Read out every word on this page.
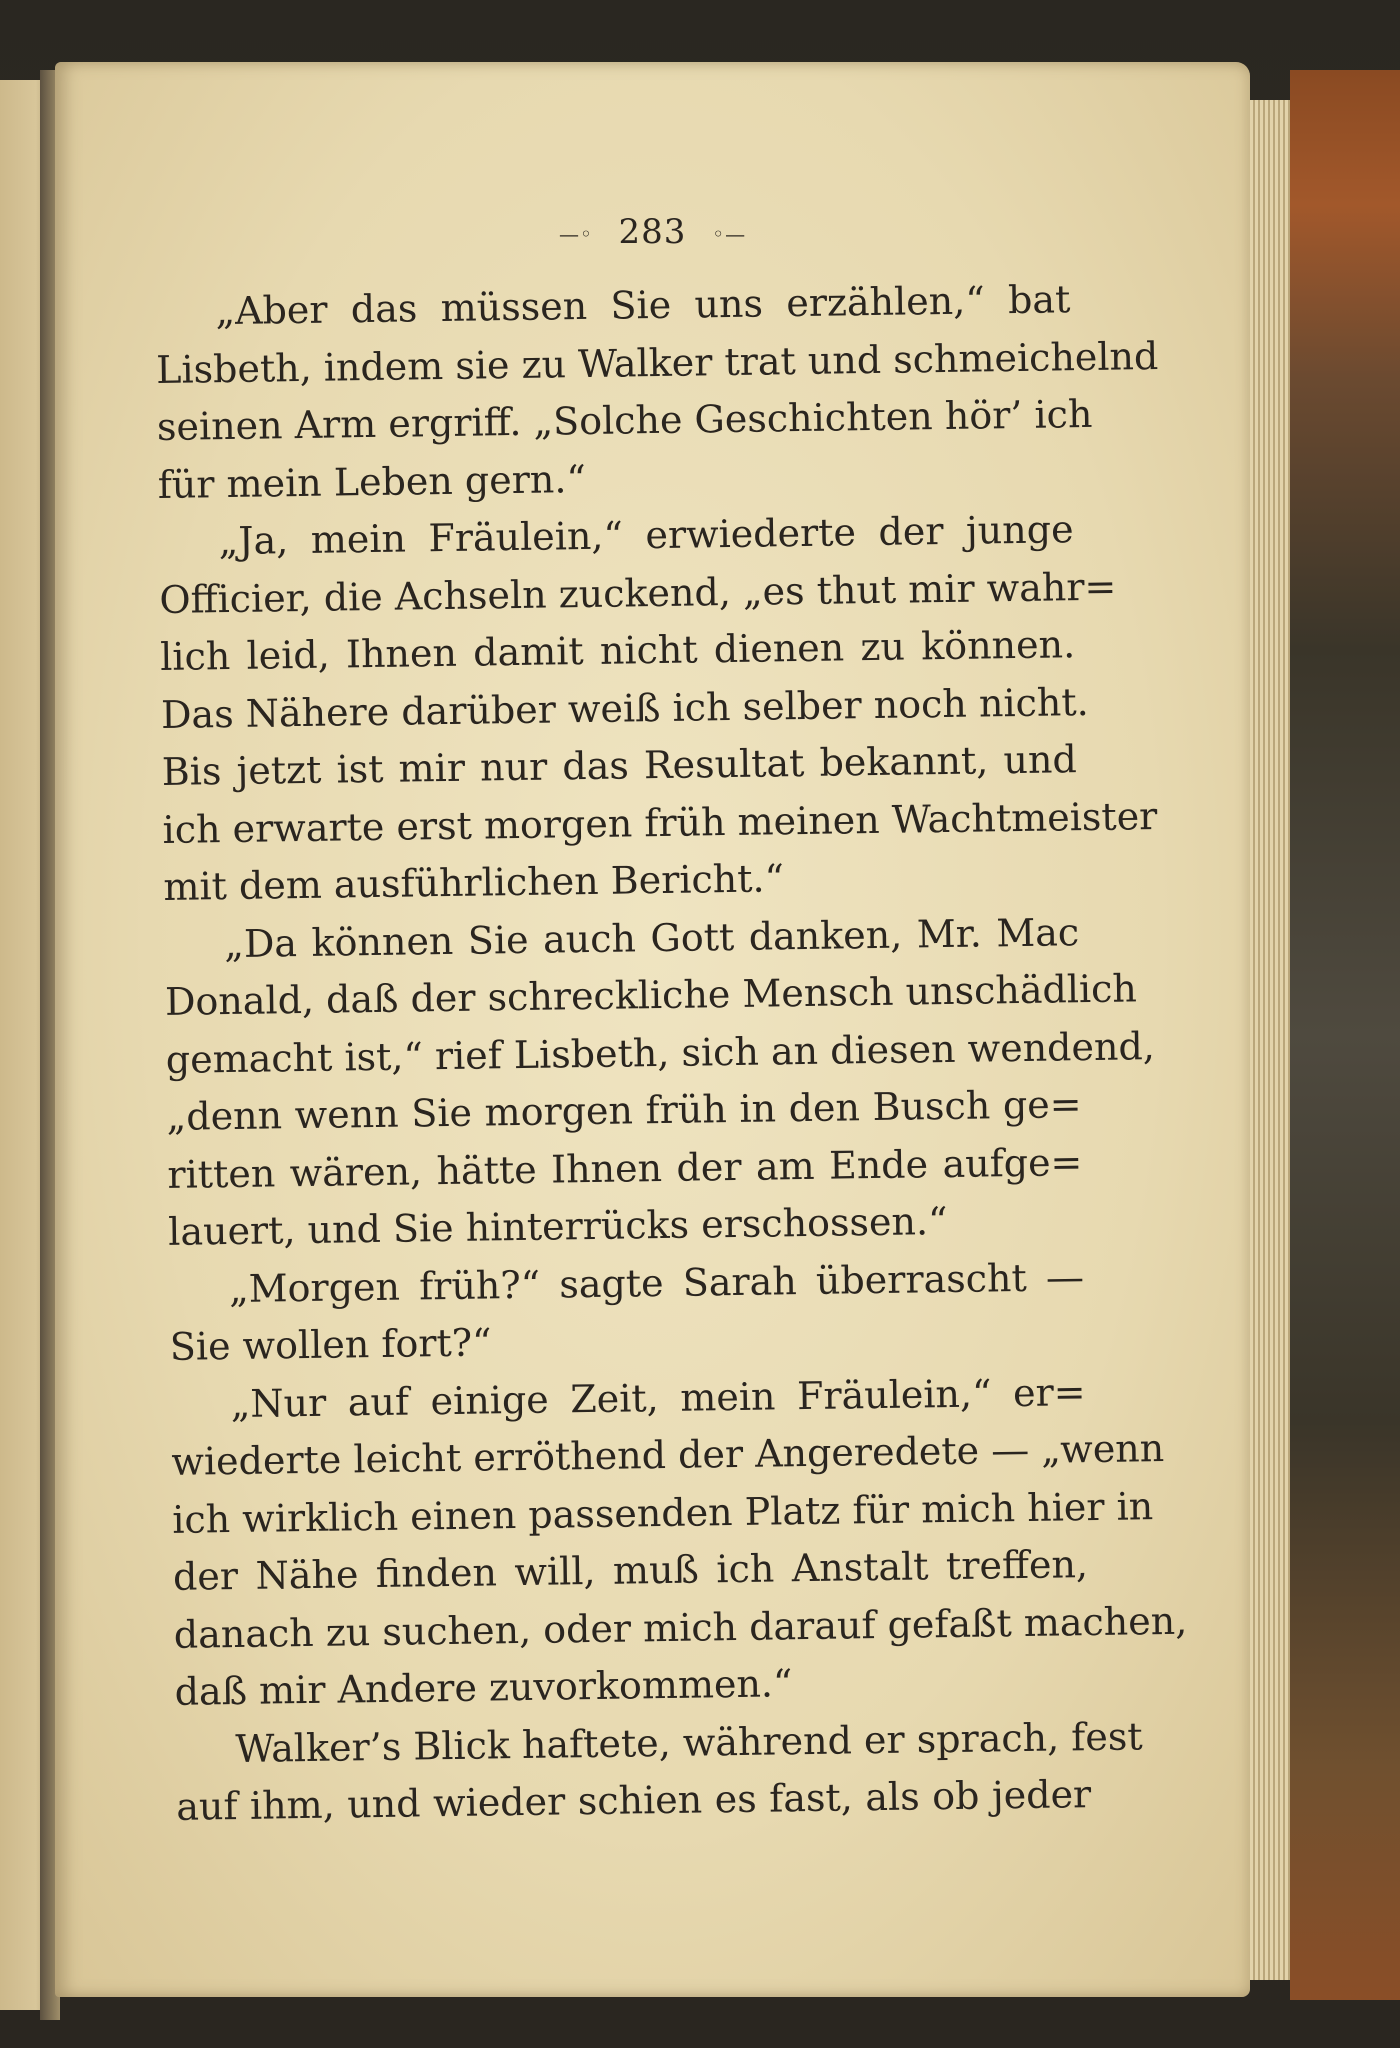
—◦ 283 ◦—
„Aber das müssen Sie uns erzählen,“ bat
Lisbeth, indem sie zu Walker trat und schmeichelnd
seinen Arm ergriff. „Solche Geschichten hör’ ich
für mein Leben gern.“
„Ja, mein Fräulein,“ erwiederte der junge
Officier, die Achseln zuckend, „es thut mir wahr=
lich leid, Ihnen damit nicht dienen zu können.
Das Nähere darüber weiß ich selber noch nicht.
Bis jetzt ist mir nur das Resultat bekannt, und
ich erwarte erst morgen früh meinen Wachtmeister
mit dem ausführlichen Bericht.“
„Da können Sie auch Gott danken, Mr. Mac
Donald, daß der schreckliche Mensch unschädlich
gemacht ist,“ rief Lisbeth, sich an diesen wendend,
„denn wenn Sie morgen früh in den Busch ge=
ritten wären, hätte Ihnen der am Ende aufge=
lauert, und Sie hinterrücks erschossen.“
„Morgen früh?“ sagte Sarah überrascht —
Sie wollen fort?“
„Nur auf einige Zeit, mein Fräulein,“ er=
wiederte leicht erröthend der Angeredete — „wenn
ich wirklich einen passenden Platz für mich hier in
der Nähe finden will, muß ich Anstalt treffen,
danach zu suchen, oder mich darauf gefaßt machen,
daß mir Andere zuvorkommen.“
Walker’s Blick haftete, während er sprach, fest
auf ihm, und wieder schien es fast, als ob jeder
